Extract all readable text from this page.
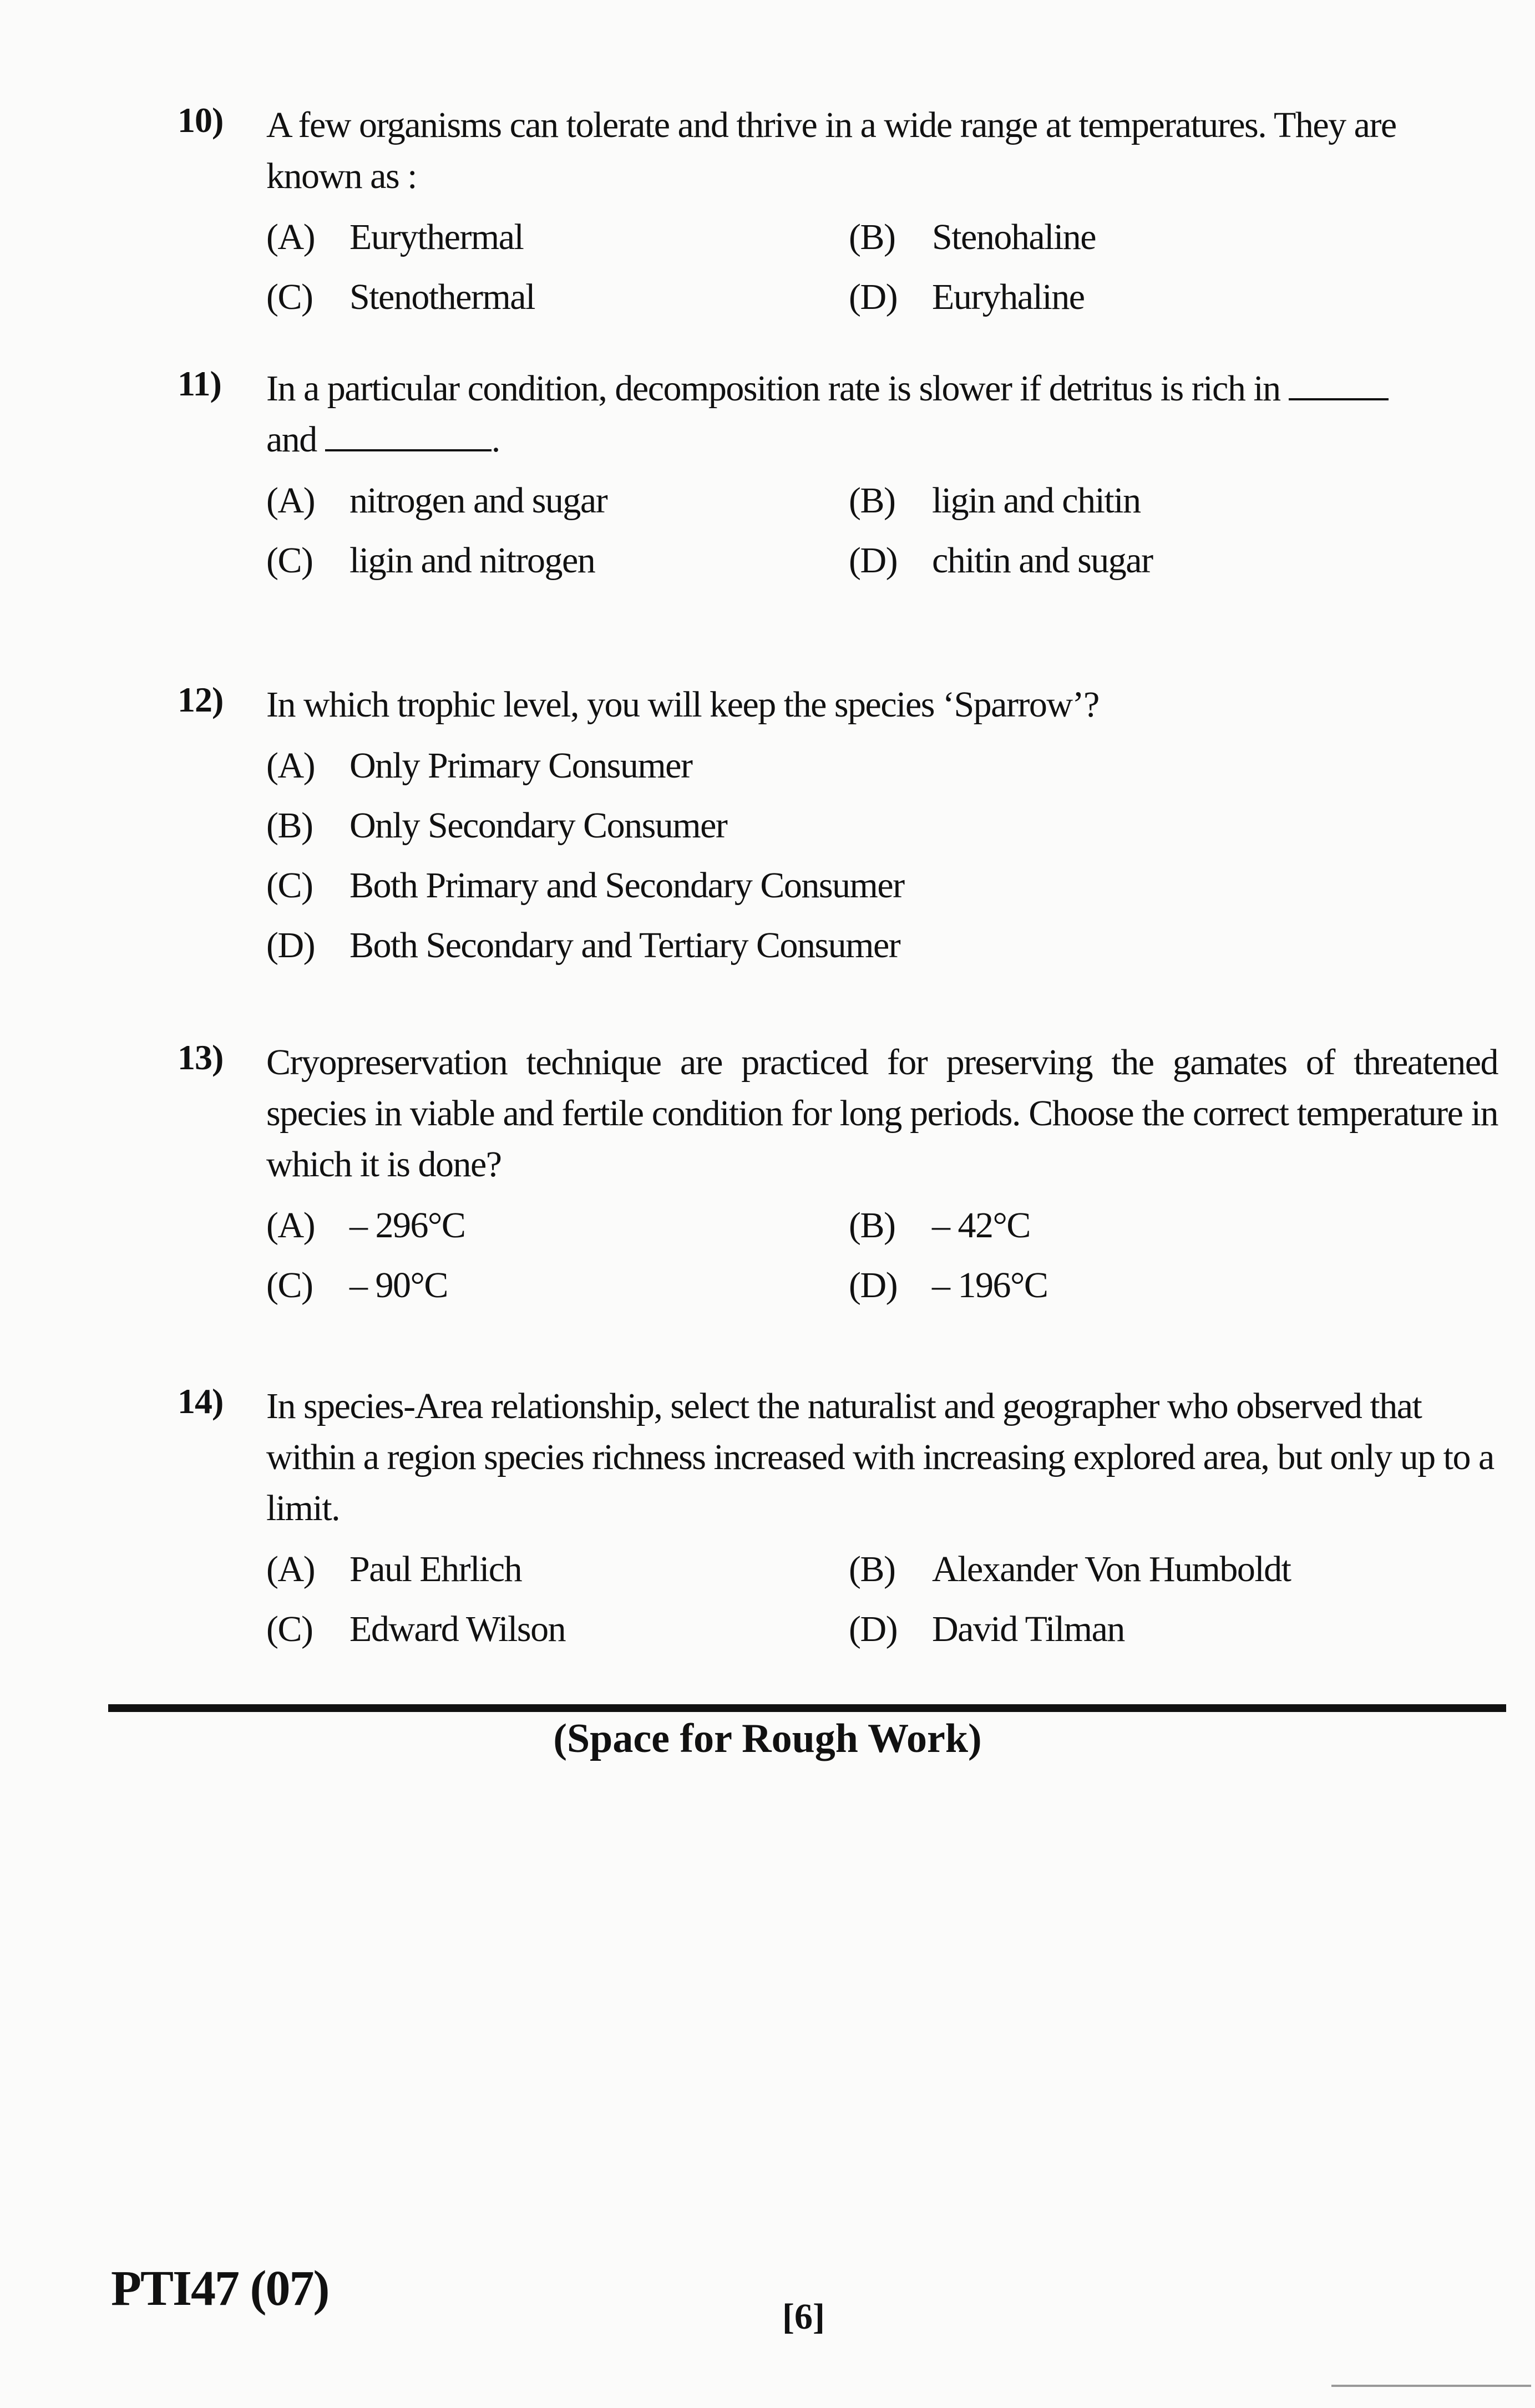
10) A few organisms can tolerate and thrive in a wide range at temperatures. They are known as :
(A) Eurythermal	(B)	Stenohaline
(C)	Stenothermal	(D) Euryhaline
11) In a particular condition, decomposition rate is slower if detritus is rich in
and	.
(A) nitrogen and sugar	(B)	ligin and chitin
(C)	ligin and nitrogen	(D) chitin and sugar
12) In which trophic level, you will keep the species ‘Sparrow’?
(A) Only Primary Consumer
(B)	Only Secondary Consumer
(C)	Both Primary and Secondary Consumer
(D) Both Secondary and Tertiary Consumer
13) Cryopreservation technique are practiced for preserving the gamates of threatened species in viable and fertile condition for long periods. Choose the correct temperature in which it is done?
(A) – 296°C	(B)	– 42°C
(C)	– 90°C	(D) – 196°C
14) In species-Area relationship, select the naturalist and geographer who observed that within a region species richness increased with increasing explored area, but only up to a limit.
(A) Paul Ehrlich	(B)	Alexander Von Humboldt
(C)	Edward Wilson	(D) David Tilman
(Space for Rough Work)
PTI47 (07)
[6]
